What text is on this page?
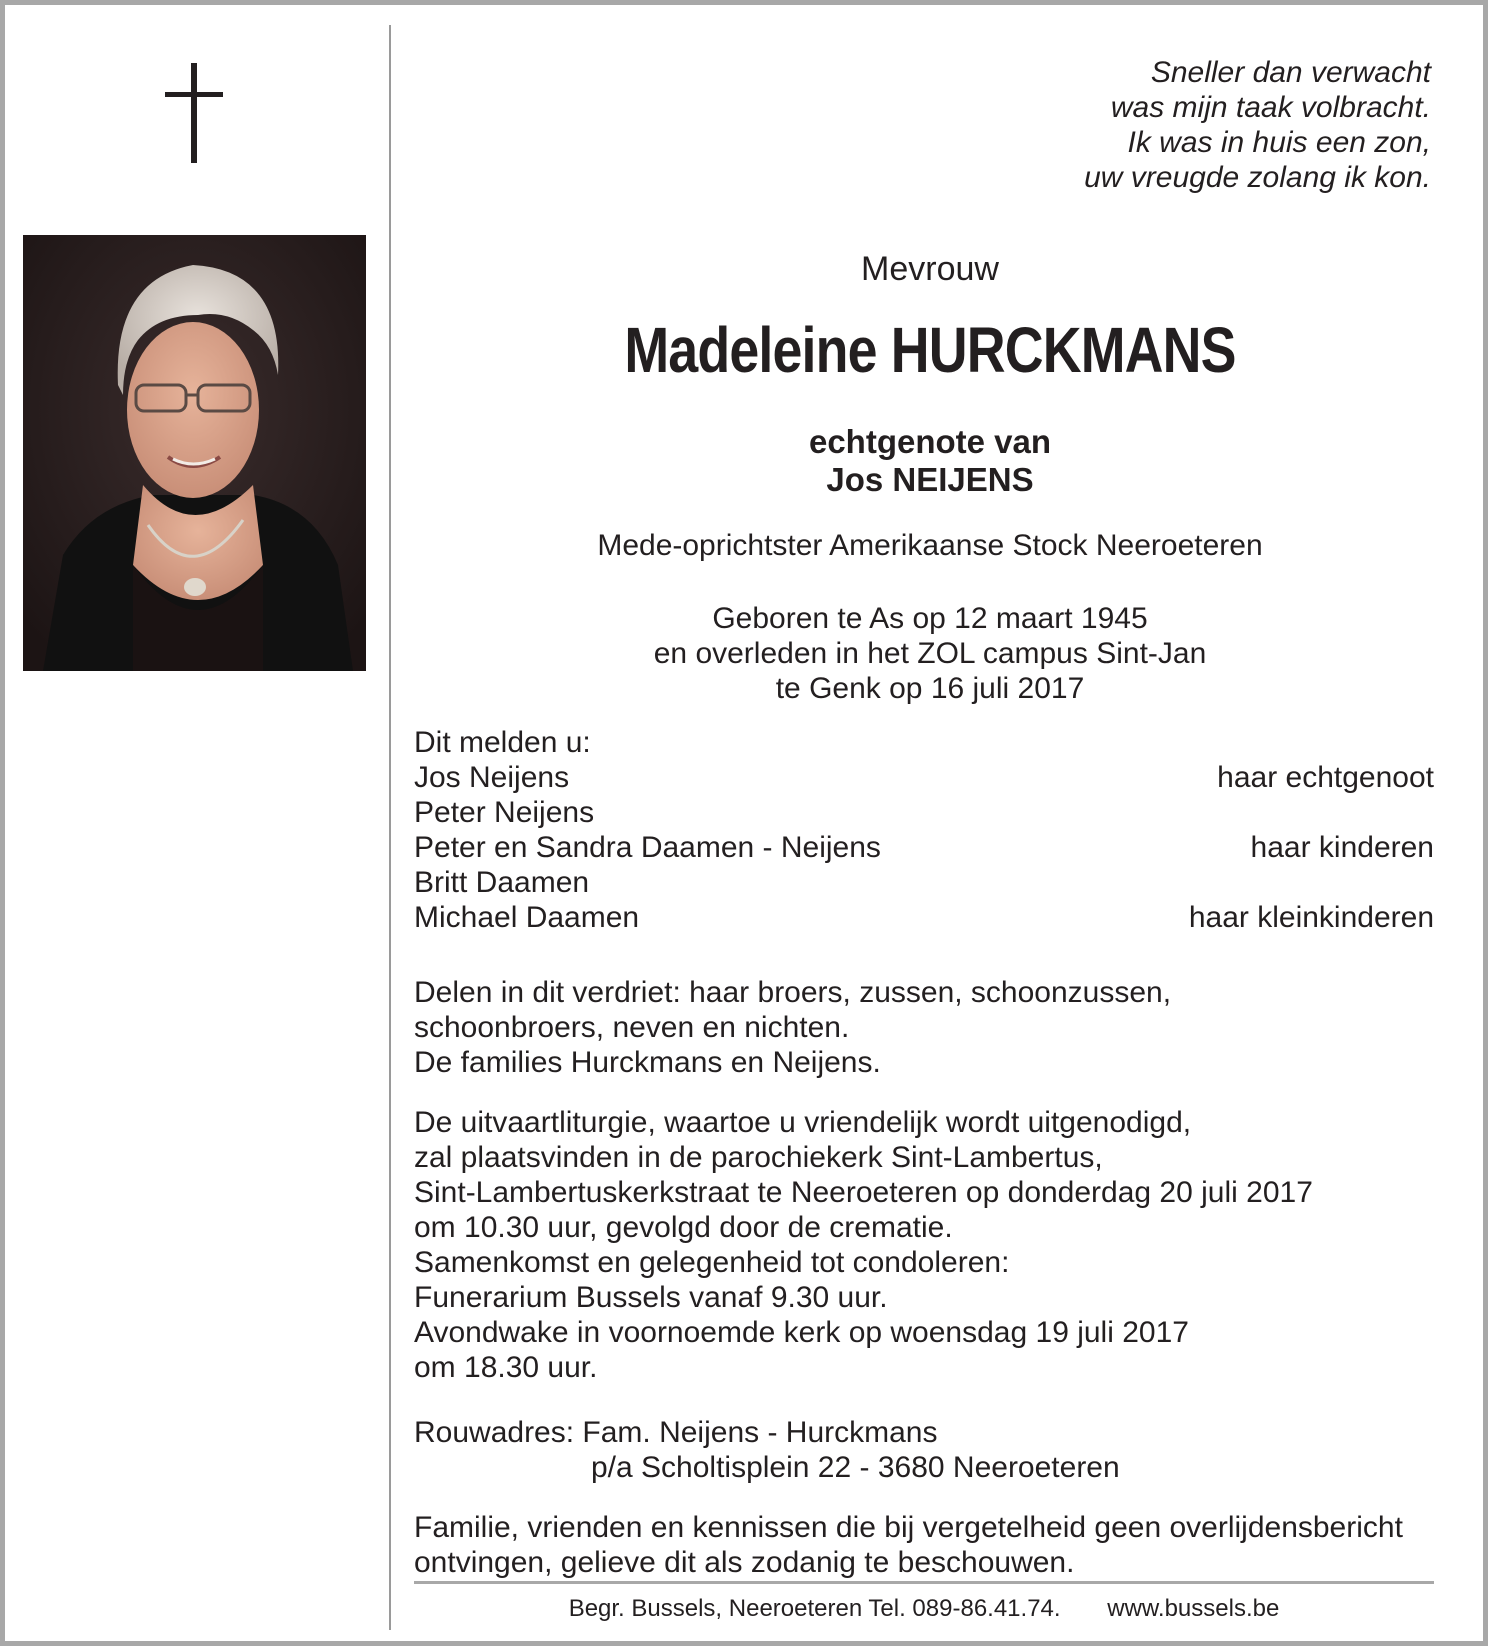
Sneller dan verwacht
was mijn taak volbracht.
Ik was in huis een zon,
uw vreugde zolang ik kon.
Mevrouw
Madeleine HURCKMANS
echtgenote van
Jos NEIJENS
Mede-oprichtster Amerikaanse Stock Neeroeteren
Geboren te As op 12 maart 1945
en overleden in het ZOL campus Sint-Jan
te Genk op 16 juli 2017
Dit melden u:
Jos Neijens	haar echtgenoot
Peter Neijens
Peter en Sandra Daamen - Neijens	haar kinderen
Britt Daamen
Michael Daamen	haar kleinkinderen
Delen in dit verdriet: haar broers, zussen, schoonzussen,
schoonbroers, neven en nichten.
De families Hurckmans en Neijens.
De uitvaartliturgie, waartoe u vriendelijk wordt uitgenodigd,
zal plaatsvinden in de parochiekerk Sint-Lambertus,
Sint-Lambertuskerkstraat te Neeroeteren op donderdag 20 juli 2017
om 10.30 uur, gevolgd door de crematie.
Samenkomst en gelegenheid tot condoleren:
Funerarium Bussels vanaf 9.30 uur.
Avondwake in voornoemde kerk op woensdag 19 juli 2017
om 18.30 uur.
Rouwadres: Fam. Neijens - Hurckmans
p/a Scholtisplein 22 - 3680 Neeroeteren
Familie, vrienden en kennissen die bij vergetelheid geen overlijdensbericht
ontvingen, gelieve dit als zodanig te beschouwen.
Begr. Bussels, Neeroeteren Tel. 089-86.41.74. www.bussels.be
